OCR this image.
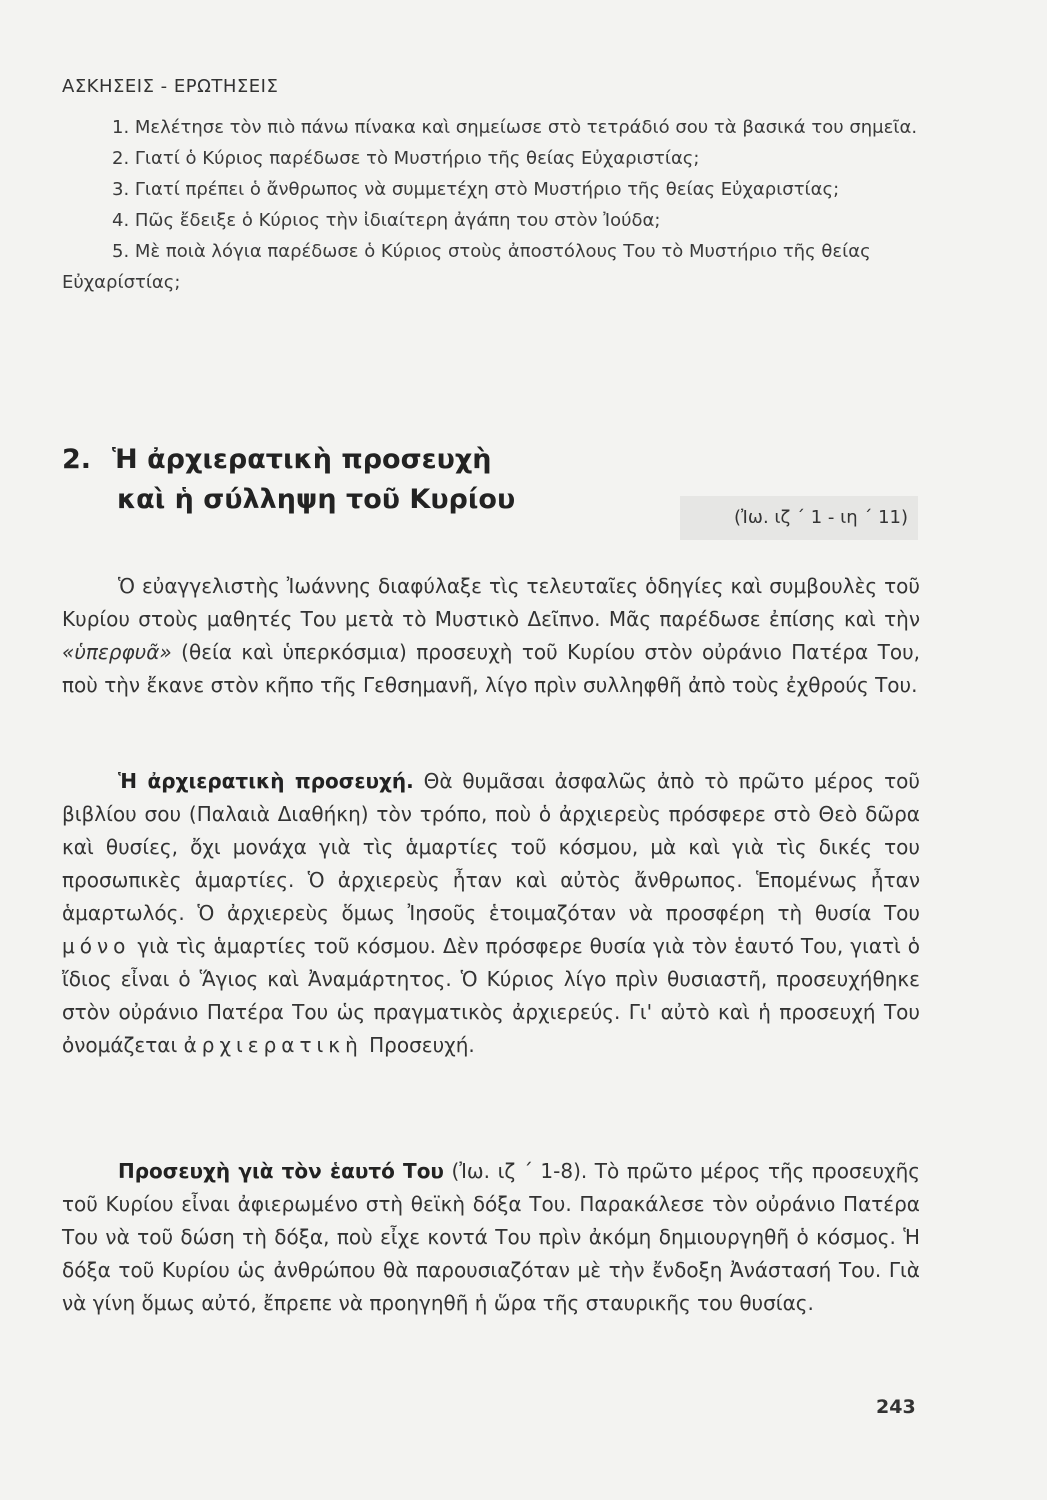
ΑΣΚΗΣΕΙΣ - ΕΡΩΤΗΣΕΙΣ

1. Μελέτησε τὸν πιὸ πάνω πίνακα καὶ σημείωσε στὸ τετράδιό σου τὰ βασικά του σημεῖα.

2. Γιατί ὁ Κύριος παρέδωσε τὸ Μυστήριο τῆς θείας Εὐχαριστίας;

3. Γιατί πρέπει ὁ ἄνθρωπος νὰ συμμετέχη στὸ Μυστήριο τῆς θείας Εὐχαριστίας;

4. Πῶς ἔδειξε ὁ Κύριος τὴν ἰδιαίτερη ἀγάπη του στὸν Ἰούδα;

5. Μὲ ποιὰ λόγια παρέδωσε ὁ Κύριος στοὺς ἀποστόλους Του τὸ Μυστήριο τῆς θείας Εὐχαρίστίας;

2. Ἡ ἀρχιερατικὴ προσευχὴ
καὶ ἡ σύλληψη τοῦ Κυρίου
(Ἰω. ιζ ΄ 1 - ιη ΄ 11)

Ὁ εὐαγγελιστὴς Ἰωάννης διαφύλαξε τὶς τελευταῖες ὁδηγίες καὶ συμβουλὲς τοῦ Κυρίου στοὺς μαθητές Του μετὰ τὸ Μυστικὸ Δεῖπνο. Μᾶς παρέδωσε ἐπίσης καὶ τὴν «ὑπερφυᾶ» (θεία καὶ ὑπερκόσμια) προσευχὴ τοῦ Κυρίου στὸν οὐράνιο Πατέρα Του, ποὺ τὴν ἔκανε στὸν κῆπο τῆς Γεθσημανῆ, λίγο πρὶν συλληφθῆ ἀπὸ τοὺς ἐχθρούς Του.

Ἡ ἀρχιερατικὴ προσευχή. Θὰ θυμᾶσαι ἀσφαλῶς ἀπὸ τὸ πρῶτο μέρος τοῦ βιβλίου σου (Παλαιὰ Διαθήκη) τὸν τρόπο, ποὺ ὁ ἀρχιερεὺς πρόσφερε στὸ Θεὸ δῶρα καὶ θυσίες, ὄχι μονάχα γιὰ τὶς ἁμαρτίες τοῦ κόσμου, μὰ καὶ γιὰ τὶς δικές του προσωπικὲς ἁμαρτίες. Ὁ ἀρχιερεὺς ἦταν καὶ αὐτὸς ἄνθρωπος. Ἑπομένως ἦταν ἁμαρτωλός. Ὁ ἀρχιερεὺς ὅμως Ἰησοῦς ἑτοιμαζόταν νὰ προσφέρη τὴ θυσία Του μόνο γιὰ τὶς ἁμαρτίες τοῦ κόσμου. Δὲν πρόσφερε θυσία γιὰ τὸν ἑαυτό Του, γιατὶ ὁ ἴδιος εἶναι ὁ Ἅγιος καὶ Ἀναμάρτητος. Ὁ Κύριος λίγο πρὶν θυσιαστῆ, προσευχήθηκε στὸν οὐράνιο Πατέρα Του ὡς πραγματικὸς ἀρχιερεύς. Γι' αὐτὸ καὶ ἡ προσευχή Του ὀνομάζεται ἀρχιερατικὴ Προσευχή.

Προσευχὴ γιὰ τὸν ἑαυτό Του (Ἰω. ιζ ΄ 1-8). Τὸ πρῶτο μέρος τῆς προσευχῆς τοῦ Κυρίου εἶναι ἀφιερωμένο στὴ θεϊκὴ δόξα Του. Παρακάλεσε τὸν οὐράνιο Πατέρα Του νὰ τοῦ δώση τὴ δόξα, ποὺ εἶχε κοντά Του πρὶν ἀκόμη δημιουργηθῆ ὁ κόσμος. Ἡ δόξα τοῦ Κυρίου ὡς ἀνθρώπου θὰ παρουσιαζόταν μὲ τὴν ἔνδοξη Ἀνάστασή Του. Γιὰ νὰ γίνη ὅμως αὐτό, ἔπρεπε νὰ προηγηθῆ ἡ ὥρα τῆς σταυρικῆς του θυσίας.

243
